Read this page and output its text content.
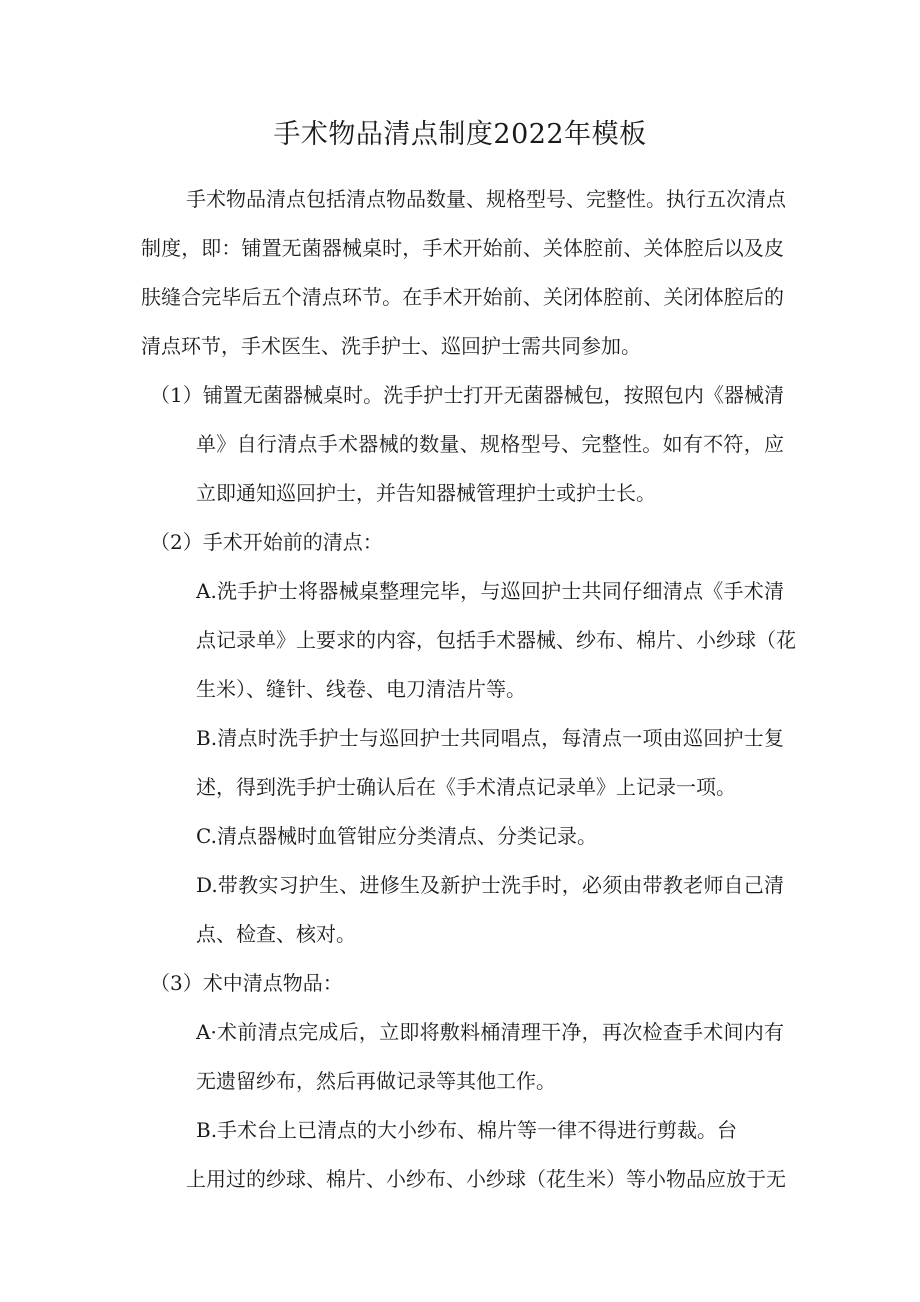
手术物品清点制度2022年模板
手术物品清点包括清点物品数量、规格型号、完整性。执行五次清点
制度，即：铺置无菌器械桌时，手术开始前、关体腔前、关体腔后以及皮
肤缝合完毕后五个清点环节。在手术开始前、关闭体腔前、关闭体腔后的
清点环节，手术医生、洗手护士、巡回护士需共同参加。
（1）铺置无菌器械桌时。洗手护士打开无菌器械包，按照包内《器械清
单》自行清点手术器械的数量、规格型号、完整性。如有不符，应
立即通知巡回护士，并告知器械管理护士或护士长。
（2）手术开始前的清点：
A.洗手护士将器械桌整理完毕，与巡回护士共同仔细清点《手术清
点记录单》上要求的内容，包括手术器械、纱布、棉片、小纱球（花
生米）、缝针、线卷、电刀清洁片等。
B.清点时洗手护士与巡回护士共同唱点，每清点一项由巡回护士复
述，得到洗手护士确认后在《手术清点记录单》上记录一项。
C.清点器械时血管钳应分类清点、分类记录。
D.带教实习护生、进修生及新护士洗手时，必须由带教老师自己清
点、检查、核对。
（3）术中清点物品：
A·术前清点完成后，立即将敷料桶清理干净，再次检查手术间内有
无遗留纱布，然后再做记录等其他工作。
B.手术台上已清点的大小纱布、棉片等一律不得进行剪裁。台
上用过的纱球、棉片、小纱布、小纱球（花生米）等小物品应放于无
